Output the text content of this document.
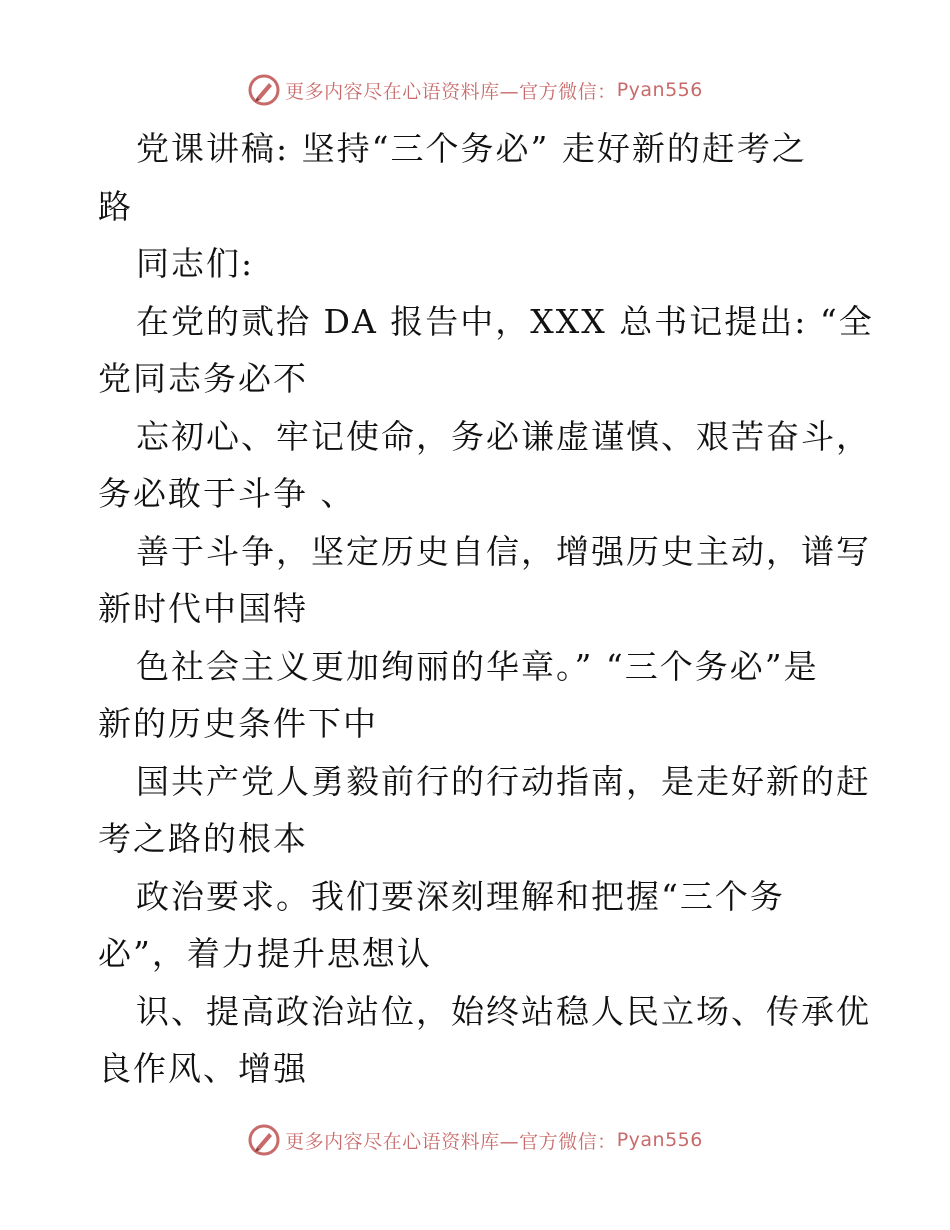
更多内容尽在心语资料库 —官方微信： Pyan556
党课讲稿: 坚持“三个务必” 走好新的赶考之
路
同志们:
在党的贰拾 DA 报告中，XXX 总书记提出: “全
党同志务必不
忘初心、牢记使命，务必谦虚谨慎、艰苦奋斗，
务必敢于斗争 、
善于斗争，坚定历史自信，增强历史主动，谱写
新时代中国特
色社会主义更加绚丽的华章。” “三个务必”是
新的历史条件下中
国共产党人勇毅前行的行动指南，是走好新的赶
考之路的根本
政治要求。我们要深刻理解和把握“三个务
必”，着力提升思想认
识、提高政治站位，始终站稳人民立场、传承优
良作风、增强
更多内容尽在心语资料库 —官方微信： Pyan556
